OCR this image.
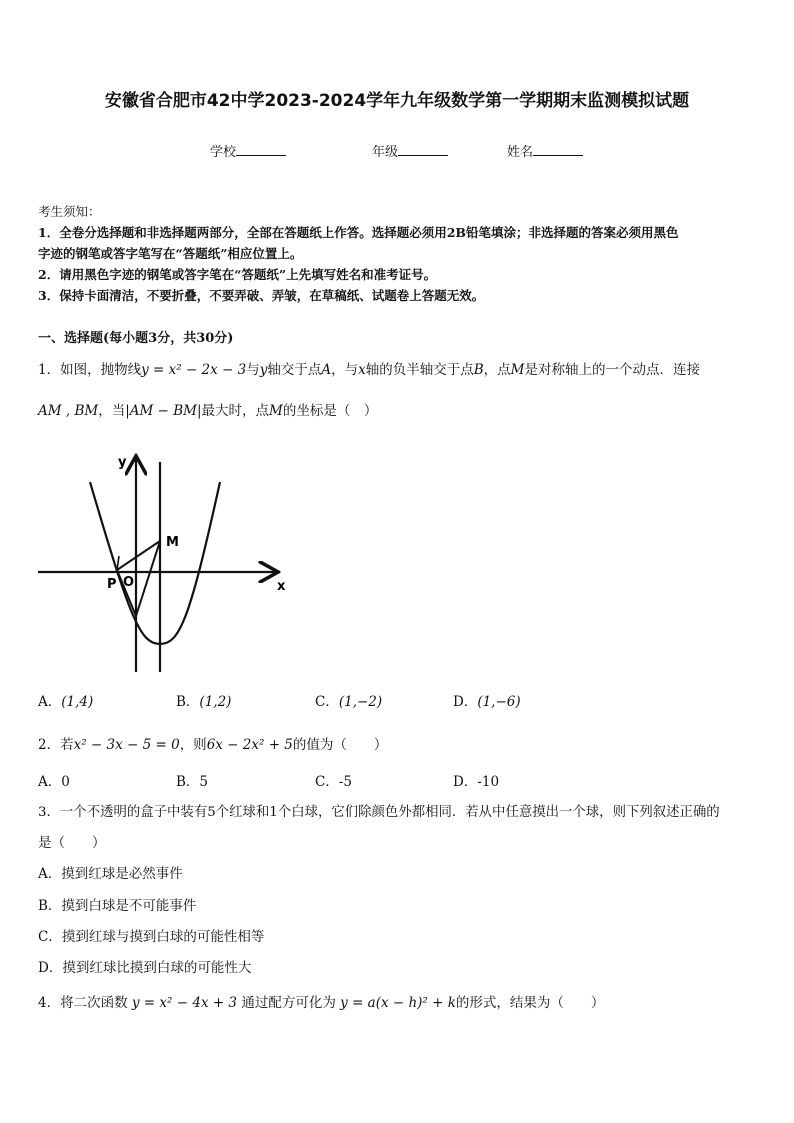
安徽省合肥市42中学2023-2024学年九年级数学第一学期期末监测模拟试题
学校	年级	姓名
考生须知：
1．全卷分选择题和非选择题两部分，全部在答题纸上作答。选择题必须用2B铅笔填涂；非选择题的答案必须用黑色
字迹的钢笔或答字笔写在“答题纸”相应位置上。
2．请用黑色字迹的钢笔或答字笔在“答题纸”上先填写姓名和准考证号。
3．保持卡面清洁，不要折叠，不要弄破、弄皱，在草稿纸、试题卷上答题无效。
一、选择题(每小题3分，共30分)
1．如图，抛物线y = x² − 2x − 3与y轴交于点A，与x轴的负半轴交于点B，点M是对称轴上的一个动点．连接
AM , BM，当|AM − BM|最大时，点M的坐标是（　）
y
x
M
P O
A．(1,4)	B．(1,2)	C．(1,−2)	D．(1,−6)
2．若x² − 3x − 5 = 0，则6x − 2x² + 5的值为（　　）
A．0	B．5	C．-5	D．-10
3．一个不透明的盒子中装有5个红球和1个白球，它们除颜色外都相同．若从中任意摸出一个球，则下列叙述正确的
是（　　）
A．摸到红球是必然事件
B．摸到白球是不可能事件
C．摸到红球与摸到白球的可能性相等
D．摸到红球比摸到白球的可能性大
4．将二次函数 y = x² − 4x + 3 通过配方可化为 y = a(x − h)² + k的形式，结果为（　　）
